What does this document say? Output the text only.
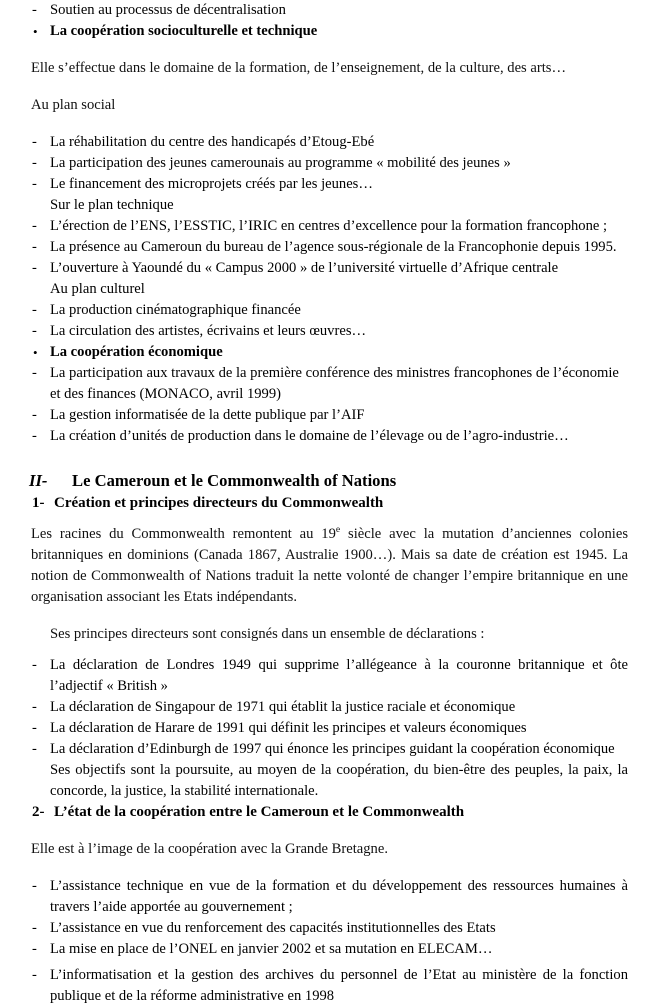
- Soutien au processus de décentralisation
• La coopération socioculturelle et technique

Elle s’effectue dans le domaine de la formation, de l’enseignement, de la culture, des arts…

Au plan social

- La réhabilitation du centre des handicapés d’Etoug-Ebé
- La participation des jeunes camerounais au programme « mobilité des jeunes »
- Le financement des microprojets créés par les jeunes…
Sur le plan technique
- L’érection de l’ENS, l’ESSTIC, l’IRIC en centres d’excellence pour la formation francophone ;
- La présence au Cameroun du bureau de l’agence sous-régionale de la Francophonie depuis 1995.
- L’ouverture à Yaoundé du « Campus 2000 » de l’université virtuelle d’Afrique centrale
Au plan culturel
- La production cinématographique financée
- La circulation des artistes, écrivains et leurs œuvres…
• La coopération économique
- La participation aux travaux de la première conférence des ministres francophones de l’économie et des finances (MONACO, avril 1999)
- La gestion informatisée de la dette publique par l’AIF
- La création d’unités de production dans le domaine de l’élevage ou de l’agro-industrie…
II- Le Cameroun et le Commonwealth of Nations
1- Création et principes directeurs du Commonwealth

Les racines du Commonwealth remontent au 19e siècle avec la mutation d’anciennes colonies britanniques en dominions (Canada 1867, Australie 1900…). Mais sa date de création est 1945. La notion de Commonwealth of Nations traduit la nette volonté de changer l’empire britannique en une organisation associant les Etats indépendants.

Ses principes directeurs sont consignés dans un ensemble de déclarations :

- La déclaration de Londres 1949 qui supprime l’allégeance à la couronne britannique et ôte l’adjectif « British »
- La déclaration de Singapour de 1971 qui établit la justice raciale et économique
- La déclaration de Harare de 1991 qui définit les principes et valeurs économiques
- La déclaration d’Edinburgh de 1997 qui énonce les principes guidant la coopération économique
Ses objectifs sont la poursuite, au moyen de la coopération, du bien-être des peuples, la paix, la concorde, la justice, la stabilité internationale.
2- L’état de la coopération entre le Cameroun et le Commonwealth

Elle est à l’image de la coopération avec la Grande Bretagne.

- L’assistance technique en vue de la formation et du développement des ressources humaines à travers l’aide apportée au gouvernement ;
- L’assistance en vue du renforcement des capacités institutionnelles des Etats
- La mise en place de l’ONEL en janvier 2002 et sa mutation en ELECAM…
- L’informatisation et la gestion des archives du personnel de l’Etat au ministère de la fonction publique et de la réforme administrative en 1998
